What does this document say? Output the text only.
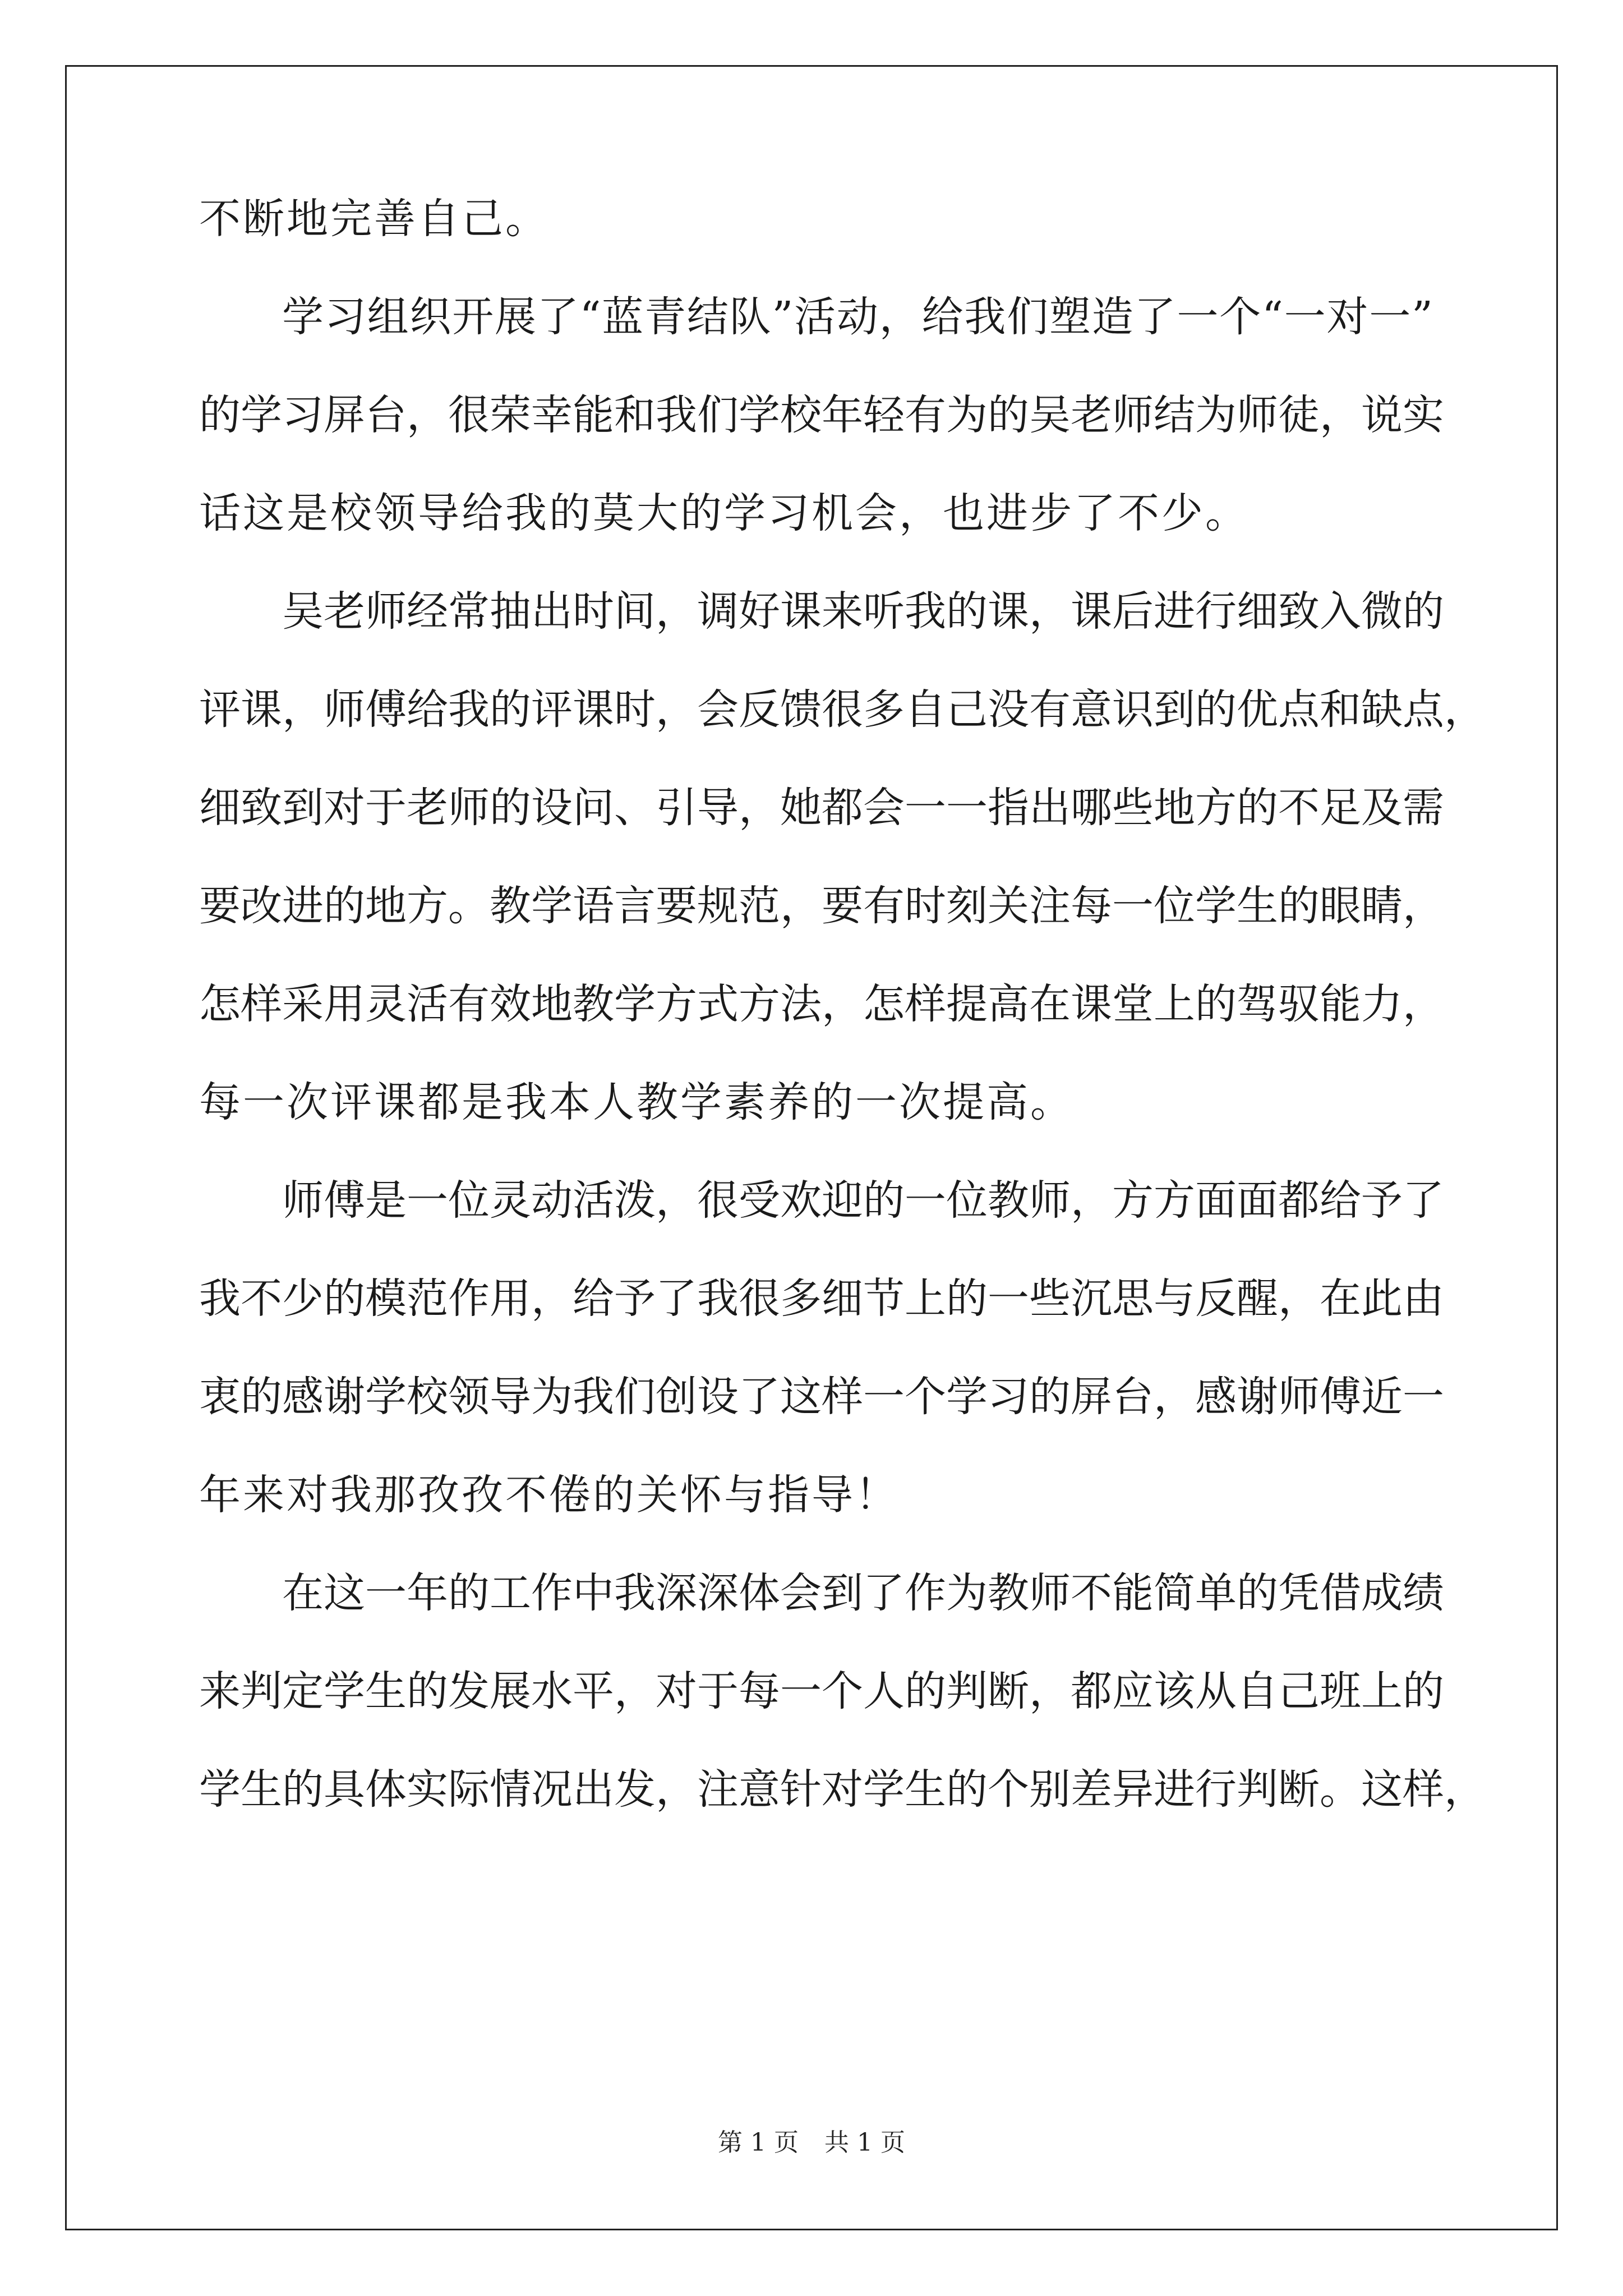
不断地完善自己。
学习组织开展了“蓝青结队”活动，给我们塑造了一个“一对一”
的学习屏台，很荣幸能和我们学校年轻有为的吴老师结为师徒，说实
话这是校领导给我的莫大的学习机会，也进步了不少。
吴老师经常抽出时间，调好课来听我的课，课后进行细致入微的
评课，师傅给我的评课时，会反馈很多自己没有意识到的优点和缺点，
细致到对于老师的设问、引导，她都会一一指出哪些地方的不足及需
要改进的地方。教学语言要规范，要有时刻关注每一位学生的眼睛，
怎样采用灵活有效地教学方式方法，怎样提高在课堂上的驾驭能力，
每一次评课都是我本人教学素养的一次提高。
师傅是一位灵动活泼，很受欢迎的一位教师，方方面面都给予了
我不少的模范作用，给予了我很多细节上的一些沉思与反醒，在此由
衷的感谢学校领导为我们创设了这样一个学习的屏台，感谢师傅近一
年来对我那孜孜不倦的关怀与指导！
在这一年的工作中我深深体会到了作为教师不能简单的凭借成绩
来判定学生的发展水平，对于每一个人的判断，都应该从自己班上的
学生的具体实际情况出发，注意针对学生的个别差异进行判断。这样，
第 1 页 共 1 页
